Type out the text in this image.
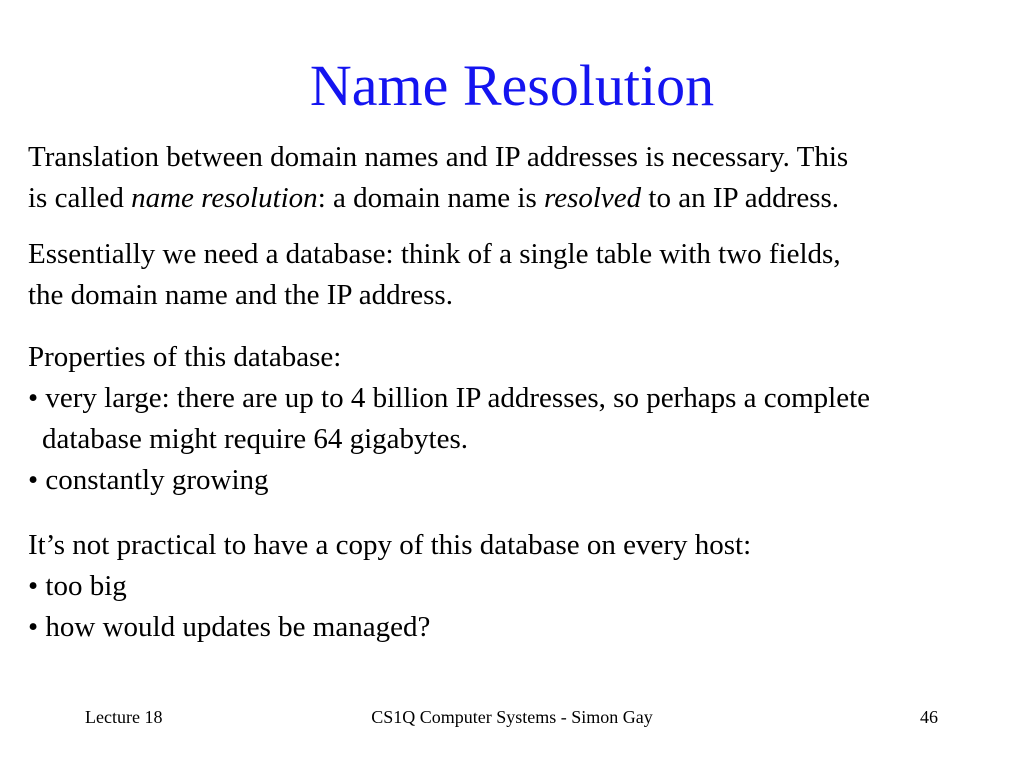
Name Resolution
Translation between domain names and IP addresses is necessary. This
is called name resolution: a domain name is resolved to an IP address.
Essentially we need a database: think of a single table with two fields,
the domain name and the IP address.
Properties of this database:
• very large: there are up to 4 billion IP addresses, so perhaps a complete
database might require 64 gigabytes.
• constantly growing
It’s not practical to have a copy of this database on every host:
• too big
• how would updates be managed?
Lecture 18	CS1Q Computer Systems - Simon Gay	46
